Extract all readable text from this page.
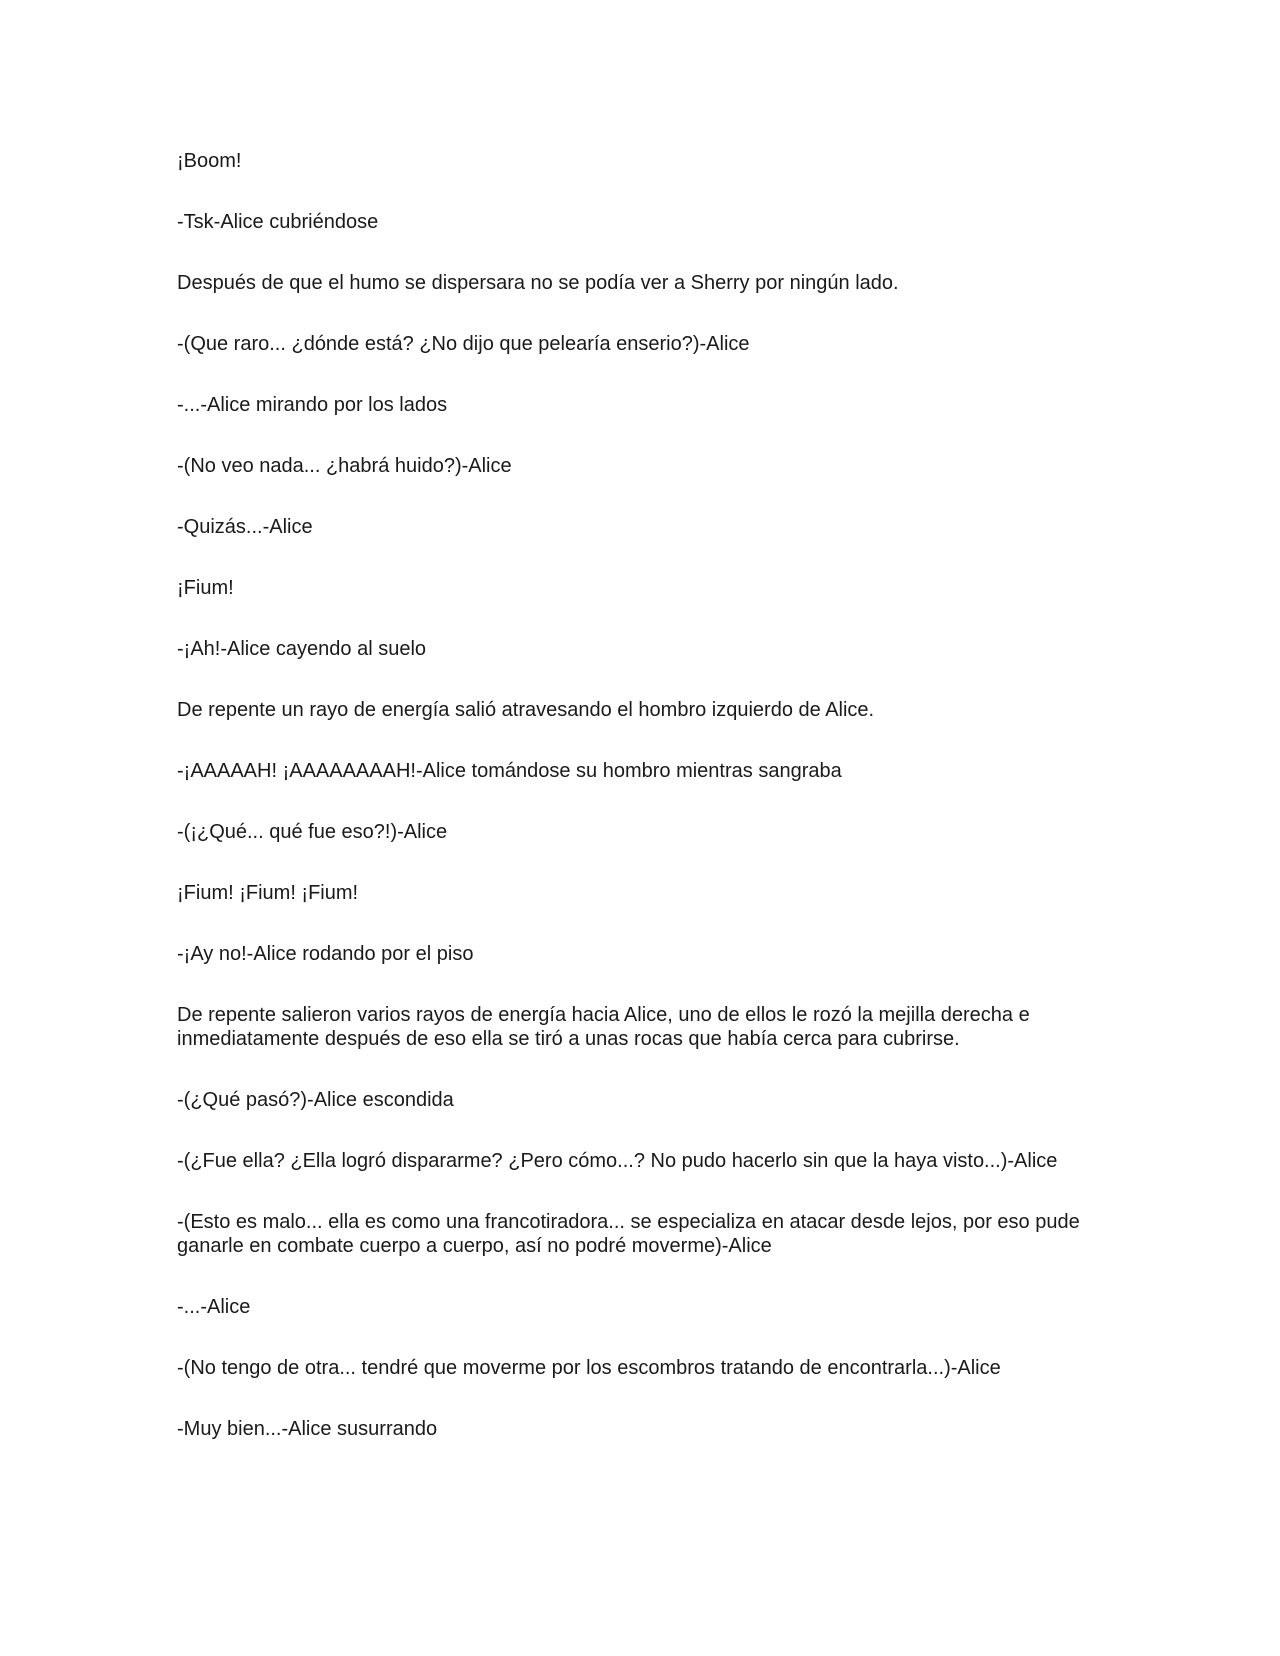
¡Boom!

-Tsk-Alice cubriéndose

Después de que el humo se dispersara no se podía ver a Sherry por ningún lado.

-(Que raro... ¿dónde está? ¿No dijo que pelearía enserio?)-Alice

-...-Alice mirando por los lados

-(No veo nada... ¿habrá huido?)-Alice

-Quizás...-Alice

¡Fium!

-¡Ah!-Alice cayendo al suelo

De repente un rayo de energía salió atravesando el hombro izquierdo de Alice.

-¡AAAAAH! ¡AAAAAAAAH!-Alice tomándose su hombro mientras sangraba

-(¡¿Qué... qué fue eso?!)-Alice

¡Fium! ¡Fium! ¡Fium!

-¡Ay no!-Alice rodando por el piso

De repente salieron varios rayos de energía hacia Alice, uno de ellos le rozó la mejilla derecha e inmediatamente después de eso ella se tiró a unas rocas que había cerca para cubrirse.

-(¿Qué pasó?)-Alice escondida

-(¿Fue ella? ¿Ella logró dispararme? ¿Pero cómo...? No pudo hacerlo sin que la haya visto...)-Alice

-(Esto es malo... ella es como una francotiradora... se especializa en atacar desde lejos, por eso pude ganarle en combate cuerpo a cuerpo, así no podré moverme)-Alice

-...-Alice

-(No tengo de otra... tendré que moverme por los escombros tratando de encontrarla...)-Alice

-Muy bien...-Alice susurrando
